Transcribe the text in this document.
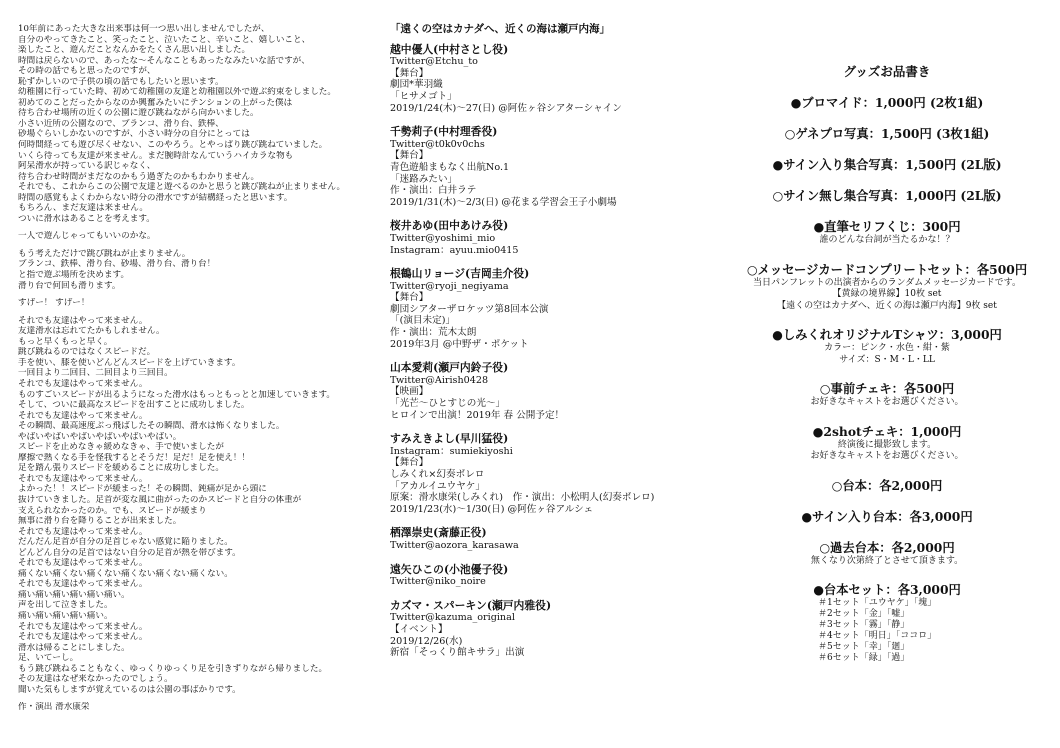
10年前にあった大きな出来事は何一つ思い出しませんでしたが、
自分のやってきたこと、笑ったこと、泣いたこと、辛いこと、嬉しいこと、
楽したこと、遊んだことなんかをたくさん思い出しました。
時間は戻らないので、あったな〜そんなこともあったなみたいな話ですが、
その時の話でもと思ったのですが、
恥ずかしいので子供の頃の話でもしたいと思います。
幼稚園に行っていた時、初めて幼稚園の友達と幼稚園以外で遊ぶ約束をしました。
初めてのことだったからなのか興奮みたいにテンションの上がった僕は
待ち合わせ場所の近くの公園に遊び跳ねながら向かいました。
小さい近所の公園なので、ブランコ、滑り台、鉄棒、
砂場ぐらいしかないのですが、小さい時分の自分にとっては
何時間経っても遊び尽くせない、このやろう。とやっぱり跳び跳ねていました。
いくら待っても友達が来ません。まだ腕時計なんていうハイカラな物も
阿呆滑水が持っている訳じゃなく、
待ち合わせ時間がまだなのかもう過ぎたのかもわかりません。
それでも、これからこの公園で友達と遊べるのかと思うと跳び跳ねが止まりません。
時間の感覚もよくわからない時分の滑水ですが結構経ったと思います。
もちろん、まだ友達は来ません。
ついに滑水はあることを考えます。
一人で遊んじゃってもいいのかな。
もう考えただけで跳び跳ねが止まりません。
ブランコ、鉄棒、滑り台、砂場、滑り台、滑り台！
と指で遊ぶ場所を決めます。
滑り台で何回も滑ります。
すげー！ すげー！
それでも友達はやって来ません。
友達滑水は忘れてたかもしれません。
もっと早くもっと早く。
跳び跳ねるのではなくスピードだ。
手を使い、膝を使いどんどんスピードを上げていきます。
一回目より二回目、二回目より三回目。
それでも友達はやって来ません。
ものすごいスピードが出るようになった滑水はもっともっとと加速していきます。
そして、ついに最高なスピードを出すことに成功しました。
それでも友達はやって来ません。
その瞬間、最高速度ぶっ飛ばしたその瞬間、滑水は怖くなりました。
やばいやばいやばいやばいやばいやばい。
スピードを止めなきゃ緩めなきゃ、手で使いましたが
摩擦で熱くなる手を怪我するとそうだ！足だ！足を使え！！
足を踏ん張りスピードを緩めることに成功しました。
それでも友達はやって来ません。
よかった！！スピードが緩まった！その瞬間、鈍痛が足から頭に
抜けていきました。足首が変な風に曲がったのかスピードと自分の体重が
支えられなかったのか。でも、スピードが緩まり
無事に滑り台を降りることが出来ました。
それでも友達はやって来ません。
だんだん足首が自分の足首じゃない感覚に陥りました。
どんどん自分の足首ではない自分の足首が熱を帯びます。
それでも友達はやって来ません。
痛くない痛くない痛くない痛くない痛くない痛くない。
それでも友達はやって来ません。
痛い痛い痛い痛い痛い痛い。
声を出して泣きました。
痛い痛い痛い痛い痛い。
それでも友達はやって来ません。
それでも友達はやって来ません。
滑水は帰ることにしました。
足、いてーし。
もう跳び跳ねることもなく、ゆっくりゆっくり足を引きずりながら帰りました。
その友達はなぜ来なかったのでしょう。
聞いた気もしますが覚えているのは公園の事ばかりです。
作・演出 滑水康栄
「遠くの空はカナダへ、近くの海は瀬戸内海」
越中優人(中村さとし役)
Twitter@Etchu_to
【舞台】
劇団*華羽織
「ヒサメゴト」
2019/1/24(木)〜27(日) @阿佐ヶ谷シアターシャイン
千勢莉子(中村理香役)
Twitter@t0k0v0chs
【舞台】
青色遊船まもなく出航No.1
「迷路みたい」
作・演出：白井ラテ
2019/1/31(木)〜2/3(日) @花まる学習会王子小劇場
桜井あゆ(田中あけみ役)
Twitter@yoshimi_mio
Instagram：ayuu.mio0415
根鶴山リョージ(吉岡圭介役)
Twitter@ryoji_negiyama
【舞台】
劇団シアターザロケッツ第8回本公演
「(演目未定)」
作・演出：荒木太朗
2019年3月 @中野ザ・ポケット
山本愛莉(瀬戸内鈴子役)
Twitter@Airish0428
【映画】
「光芒〜ひとすじの光〜」
ヒロインで出演！2019年 春 公開予定！
すみえきよし(早川猛役)
Instagram：sumiekiyoshi
【舞台】
しみくれ×幻奏ボレロ
「アカルイユウヤケ」
原案：滑水康栄(しみくれ)　作・演出：小松明人(幻奏ボレロ)
2019/1/23(水)〜1/30(日) @阿佐ヶ谷アルシェ
栖澤崇史(斎藤正役)
Twitter@aozora_karasawa
遠矢ひこの(小池優子役)
Twitter@niko_noire
カズマ・スパーキン(瀬戸内雅役)
Twitter@kazuma_original
【イベント】
2019/12/26(水)
新宿「そっくり館キサラ」出演
グッズお品書き
●ブロマイド：1,000円 (2枚1組)
○ゲネプロ写真：1,500円 (3枚1組)
●サイン入り集合写真：1,500円 (2L版)
○サイン無し集合写真：1,000円 (2L版)
●直筆セリフくじ：300円
誰のどんな台詞が当たるかな！？
○メッセージカードコンプリートセット：各500円
当日パンフレットの出演者からのランダムメッセージカードです。
【黄緑の境界線】10枚 set
【遠くの空はカナダへ、近くの海は瀬戸内海】9枚 set
●しみくれオリジナルTシャツ：3,000円
カラー：ピンク・水色・紺・紫
サイズ：S・M・L・LL
○事前チェキ：各500円
お好きなキャストをお選びください。
●2shotチェキ：1,000円
終演後に撮影致します。
お好きなキャストをお選びください。
○台本：各2,000円
●サイン入り台本：各3,000円
○過去台本：各2,000円
無くなり次第終了とさせて頂きます。
●台本セット：各3,000円
＃1セット「ユウヤケ」「塊」
＃2セット「金」「嘘」
＃3セット「霧」「静」
＃4セット「明日」「ココロ」
＃5セット「幸」「廻」
＃6セット「緑」「過」
